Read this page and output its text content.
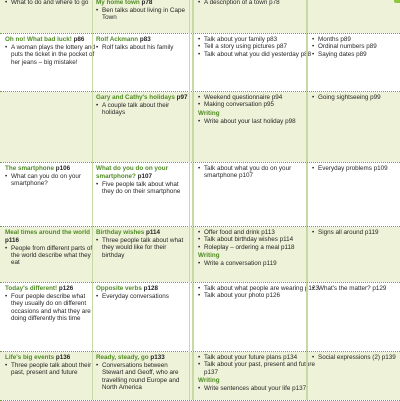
• What to do and where to go	My home town p78

• Ben talks about living in Cape Town

• A description of a town p78

Oh no! What bad luck! p86

• A woman plays the lottery and puts the ticket in the pocket of her jeans – big mistake!

Rolf Ackmann p83

• Rolf talks about his family

• Talk about your family p83

• Tell a story using pictures p87

• Talk about what you did yesterday p88

• Months p89

• Ordinal numbers p89

• Saying dates p89

Gary and Cathy's holidays p97

• A couple talk about their holidays

• Weekend questionnaire p94

• Making conversation p95

Writing

• Write about your last holiday p98

• Going sightseeing p99

The smartphone p106

• What can you do on your smartphone?

What do you do on your smartphone? p107

• Five people talk about what they do on their smartphone

• Talk about what you do on your smartphone p107

• Everyday problems p109

Meal times around the world p116

• People from different parts of the world describe what they eat

Birthday wishes p114

• Three people talk about what they would like for their birthday

• Offer food and drink p113

• Talk about birthday wishes p114

• Roleplay – ordering a meal p118

Writing

• Write a conversation p119

• Signs all around p119

Today's different! p126

• Four people describe what they usually do on different occasions and what they are doing differently this time

Opposite verbs p128

• Everyday conversations

• Talk about what people are wearing p123

• Talk about your photo p126

• What's the matter? p129

Life's big events p136

• Three people talk about their past, present and future

Ready, steady, go p133

• Conversations between Stewart and Geoff, who are travelling round Europe and North America

• Talk about your future plans p134

• Talk about your past, present and future p137

Writing

• Write sentences about your life p137

• Social expressions (2) p139
